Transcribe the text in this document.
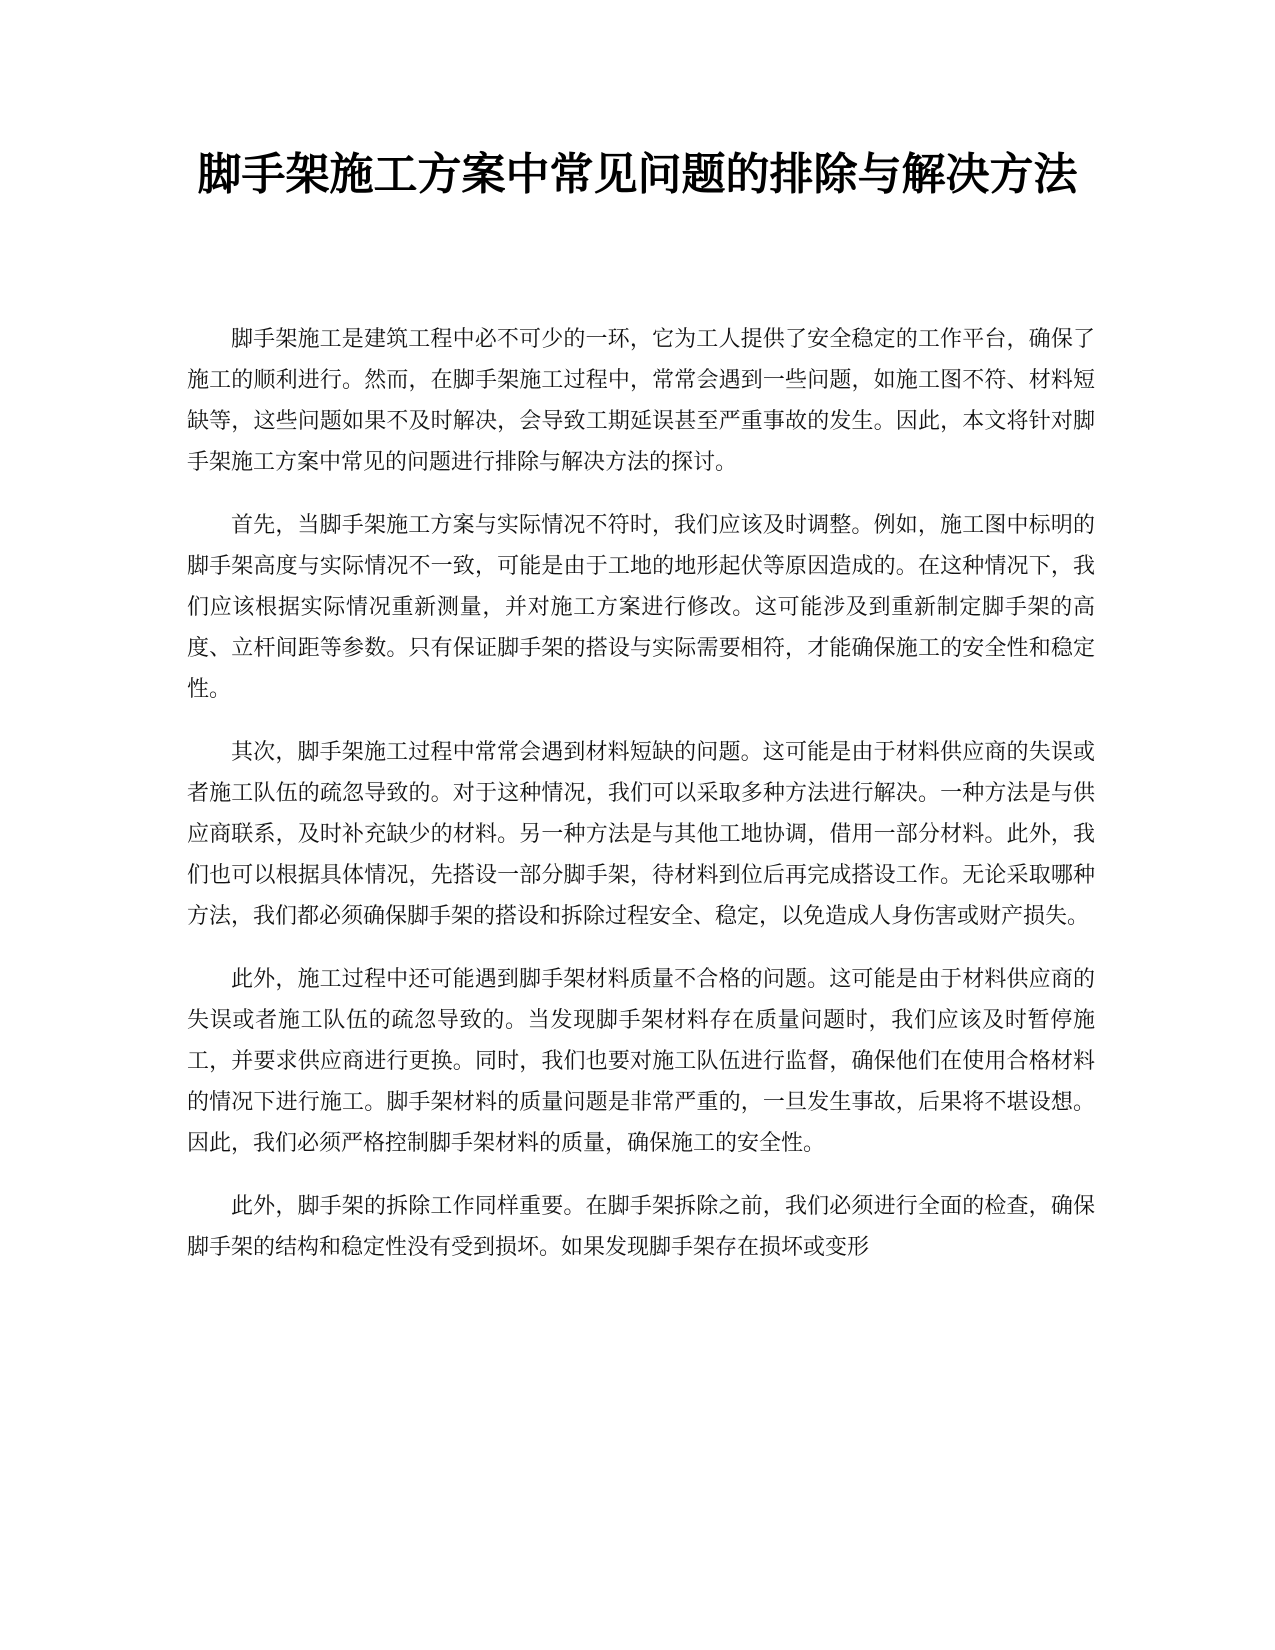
脚手架施工方案中常见问题的排除与解决方法

脚手架施工是建筑工程中必不可少的一环，它为工人提供了安全稳定的工作平台，确保了施工的顺利进行。然而，在脚手架施工过程中，常常会遇到一些问题，如施工图不符、材料短缺等，这些问题如果不及时解决，会导致工期延误甚至严重事故的发生。因此，本文将针对脚手架施工方案中常见的问题进行排除与解决方法的探讨。

首先，当脚手架施工方案与实际情况不符时，我们应该及时调整。例如，施工图中标明的脚手架高度与实际情况不一致，可能是由于工地的地形起伏等原因造成的。在这种情况下，我们应该根据实际情况重新测量，并对施工方案进行修改。这可能涉及到重新制定脚手架的高度、立杆间距等参数。只有保证脚手架的搭设与实际需要相符，才能确保施工的安全性和稳定性。

其次，脚手架施工过程中常常会遇到材料短缺的问题。这可能是由于材料供应商的失误或者施工队伍的疏忽导致的。对于这种情况，我们可以采取多种方法进行解决。一种方法是与供应商联系，及时补充缺少的材料。另一种方法是与其他工地协调，借用一部分材料。此外，我们也可以根据具体情况，先搭设一部分脚手架，待材料到位后再完成搭设工作。无论采取哪种方法，我们都必须确保脚手架的搭设和拆除过程安全、稳定，以免造成人身伤害或财产损失。

此外，施工过程中还可能遇到脚手架材料质量不合格的问题。这可能是由于材料供应商的失误或者施工队伍的疏忽导致的。当发现脚手架材料存在质量问题时，我们应该及时暂停施工，并要求供应商进行更换。同时，我们也要对施工队伍进行监督，确保他们在使用合格材料的情况下进行施工。脚手架材料的质量问题是非常严重的，一旦发生事故，后果将不堪设想。因此，我们必须严格控制脚手架材料的质量，确保施工的安全性。

此外，脚手架的拆除工作同样重要。在脚手架拆除之前，我们必须进行全面的检查，确保脚手架的结构和稳定性没有受到损坏。如果发现脚手架存在损坏或变形
